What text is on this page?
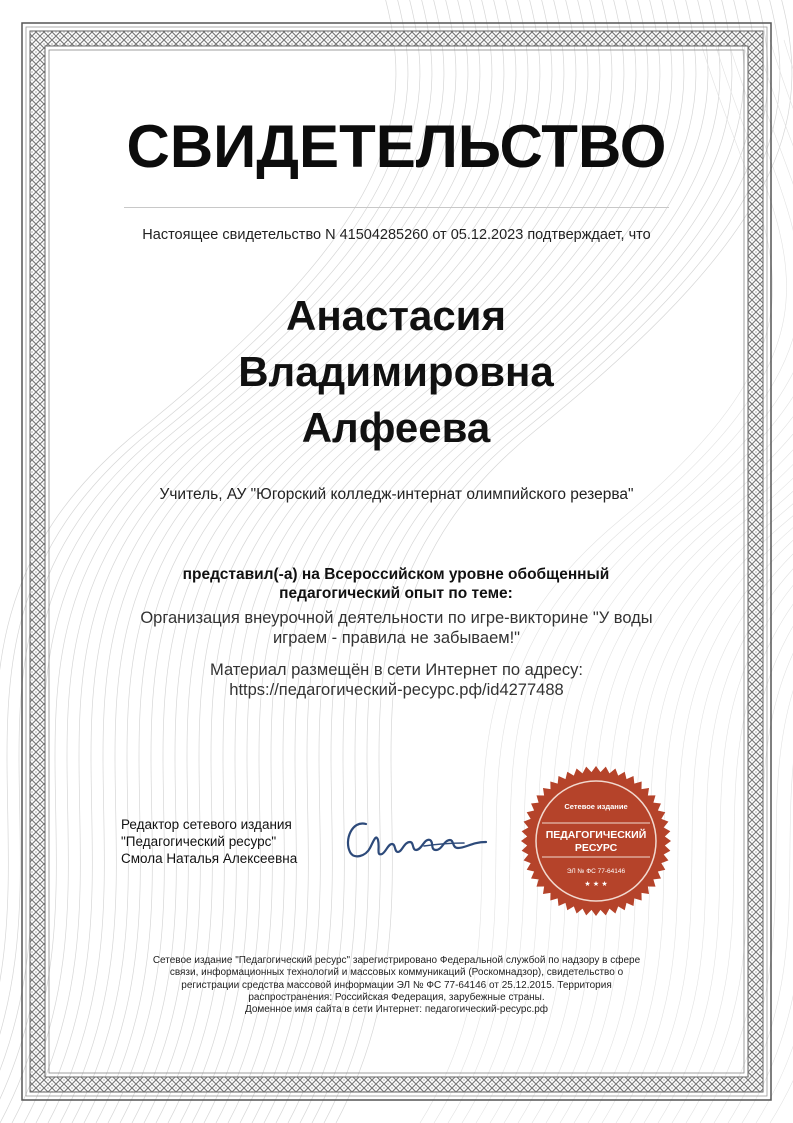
СВИДЕТЕЛЬСТВО
Настоящее свидетельство N 41504285260 от 05.12.2023 подтверждает, что
Анастасия
Владимировна
Алфеева
Учитель, АУ "Югорский колледж-интернат олимпийского резерва"
представил(-а) на Всероссийском уровне обобщенный
педагогический опыт по теме:
Организация внеурочной деятельности по игре-викторине "У воды
играем - правила не забываем!"
Материал размещён в сети Интернет по адресу:
https://педагогический-ресурс.рф/id4277488
Редактор сетевого издания
"Педагогический ресурс"
Смола Наталья Алексеевна
Сетевое издание
ПЕДАГОГИЧЕСКИЙ
РЕСУРС
ЭЛ № ФС 77-64146
★ ★ ★
Сетевое издание "Педагогический ресурс" зарегистрировано Федеральной службой по надзору в сфере
связи, информационных технологий и массовых коммуникаций (Роскомнадзор), свидетельство о
регистрации средства массовой информации ЭЛ № ФС 77-64146 от 25.12.2015. Территория
распространения: Российская Федерация, зарубежные страны.
Доменное имя сайта в сети Интернет: педагогический-ресурс.рф
